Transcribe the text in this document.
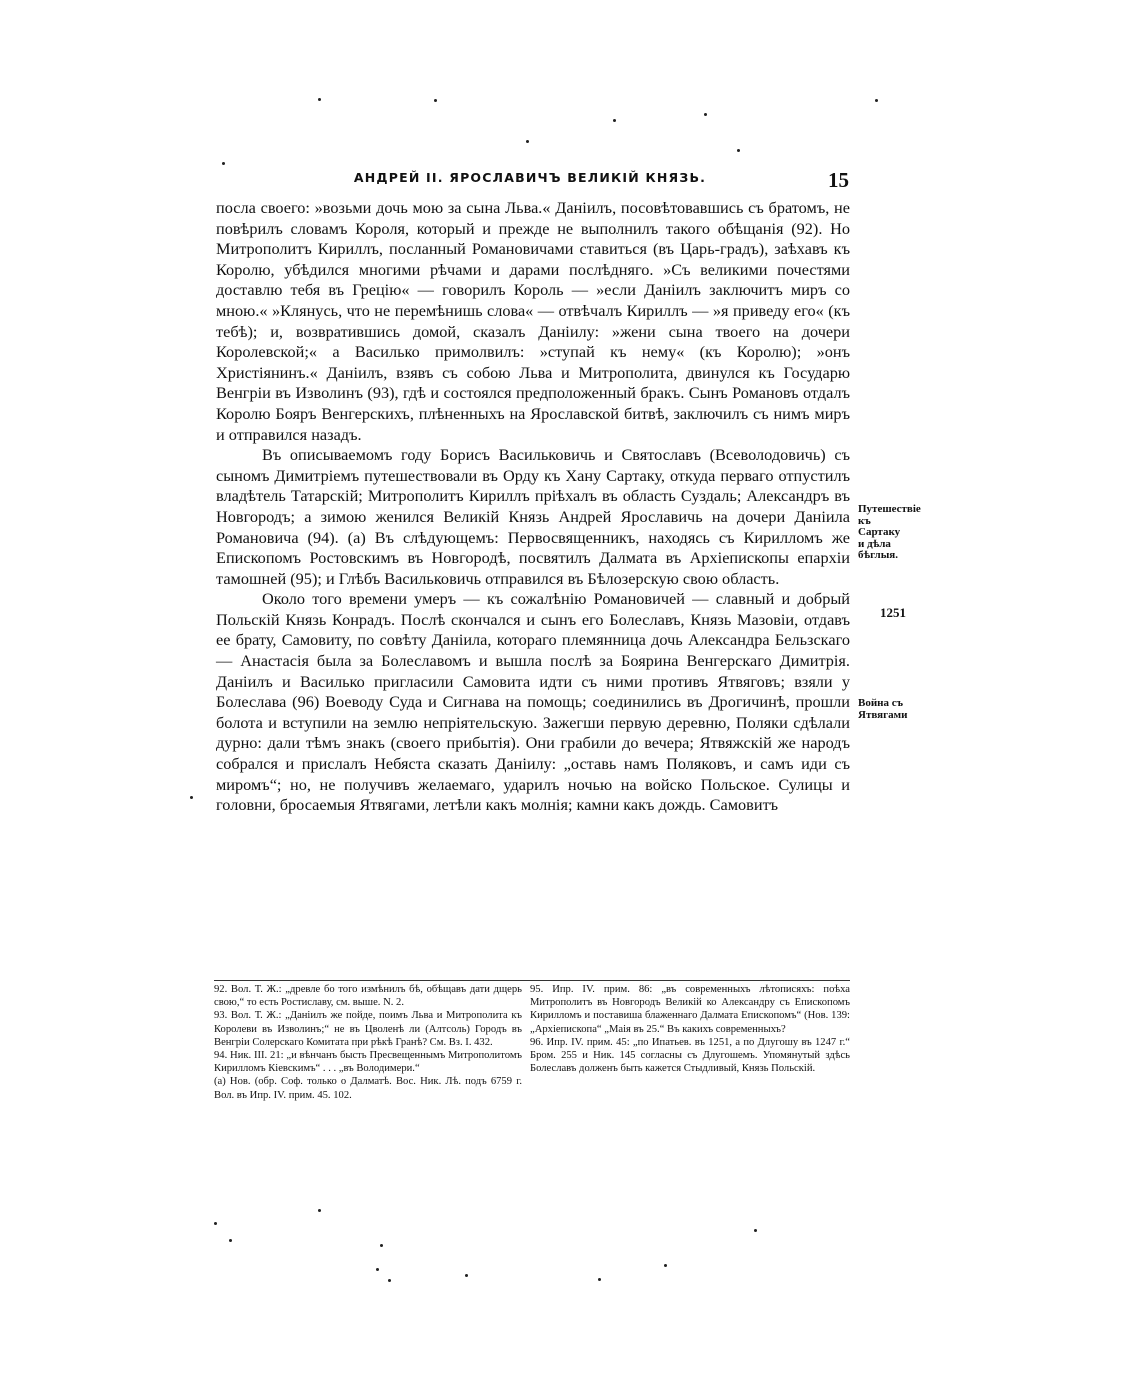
АНДРЕЙ II. ЯРОСЛАВИЧЪ ВЕЛИКІЙ КНЯЗЬ.	15

посла своего: »возьми дочь мою за сына Льва.« Даніилъ, посовѣтовавшись съ братомъ, не повѣрилъ словамъ Короля, который и прежде не выполнилъ такого обѣщанія (92). Но Митрополитъ Кириллъ, посланный Романовичами ставиться (въ Царь-градъ), заѣхавъ къ Королю, убѣдился многими рѣчами и дарами послѣдняго. »Съ великими почестями доставлю тебя въ Грецію« — говорилъ Король — »если Даніилъ заключитъ миръ со мною.« »Клянусь, что не перемѣнишь слова« — отвѣчалъ Кириллъ — »я приведу его« (къ тебѣ); и, возвратившись домой, сказалъ Даніилу: »жени сына твоего на дочери Королевской;« а Василько примолвилъ: »ступай къ нему« (къ Королю); »онъ Христіянинъ.« Даніилъ, взявъ съ собою Льва и Митрополита, двинулся къ Государю Венгріи въ Изволинъ (93), гдѣ и состоялся предположенный бракъ. Сынъ Романовъ отдалъ Королю Бояръ Венгерскихъ, плѣненныхъ на Ярославской битвѣ, заключилъ съ нимъ миръ и отправился назадъ.

Въ описываемомъ году Борисъ Васильковичь и Святославъ (Всеволодовичь) съ сыномъ Димитріемъ путешествовали въ Орду къ Хану Сартаку, откуда перваго отпустилъ владѣтель Татарскій; Митрополитъ Кириллъ пріѣхалъ въ область Суздаль; Александръ въ Новгородъ; а зимою женился Великій Князь Андрей Ярославичь на дочери Даніила Романовича (94). (а) Въ слѣдующемъ: Первосвященникъ, находясь съ Кирилломъ же Епископомъ Ростовскимъ въ Новгородѣ, посвятилъ Далмата въ Архіепископы епархіи тамошней (95); и Глѣбъ Васильковичь отправился въ Бѣлозерскую свою область.

Около того времени умеръ — къ сожалѣнію Романовичей — славный и добрый Польскій Князь Конрадъ. Послѣ скончался и сынъ его Болеславъ, Князь Мазовіи, отдавъ ее брату, Самовиту, по совѣту Даніила, котораго племянница дочь Александра Бельзскаго — Анастасія была за Болеславомъ и вышла послѣ за Боярина Венгерскаго Димитрія. Даніилъ и Василько пригласили Самовита идти съ ними противъ Ятвяговъ; взяли у Болеслава (96) Воеводу Суда и Сигнава на помощь; соединились въ Дрогичинѣ, прошли болота и вступили на землю непріятельскую. Зажегши первую деревню, Поляки сдѣлали дурно: дали тѣмъ знакъ (своего прибытія). Они грабили до вечера; Ятвяжскій же народъ собрался и прислалъ Небяста сказать Даніилу: „оставь намъ Поляковъ, и самъ иди съ миромъ“; но, не получивъ желаемаго, ударилъ ночью на войско Польское. Сулицы и головни, бросаемыя Ятвягами, летѣли какъ молнія; камни какъ дождь. Самовитъ

Путешествіе къ Сартаку и дѣла бѣглыя.
1251
Война съ Ятвягами

92. Вол. Т. Ж.: „древле бо того измѣнилъ бѣ, обѣщавъ дати дщерь свою,“ то есть Ростиславу, см. выше. N. 2.

93. Вол. Т. Ж.: „Даніилъ же пойде, поимъ Льва и Митрополита къ Королеви въ Изволинъ;“ не въ Цволенѣ ли (Алтсоль) Городъ въ Венгріи Солерскаго Комитата при рѣкѣ Гранѣ? См. Вз. I. 432.

94. Ник. III. 21: „и вѣнчанъ бысть Пресвещеннымъ Митрополитомъ Кирилломъ Кіевскимъ“ . . . „въ Володимери.“

(а) Нов. (обр. Соф. только о Далматѣ. Вос. Ник. Лѣ. подъ 6759 г. Вол. въ Ипр. IV. прим. 45. 102.

95. Ипр. IV. прим. 86: „въ современныхъ лѣтописяхъ: поѣха Митрополитъ въ Новгородъ Великій ко Александру съ Епископомъ Кирилломъ и поставиша блаженнаго Далмата Епископомъ“ (Нов. 139: „Архіепископа“ „Маія въ 25.“ Въ какихъ современныхъ?

96. Ипр. IV. прим. 45: „по Ипатьев. въ 1251, а по Длугошу въ 1247 г.“ Бром. 255 и Ник. 145 согласны съ Длугошемъ. Упомянутый здѣсь Болеславъ долженъ быть кажется Стыдливый, Князь Польскій.
